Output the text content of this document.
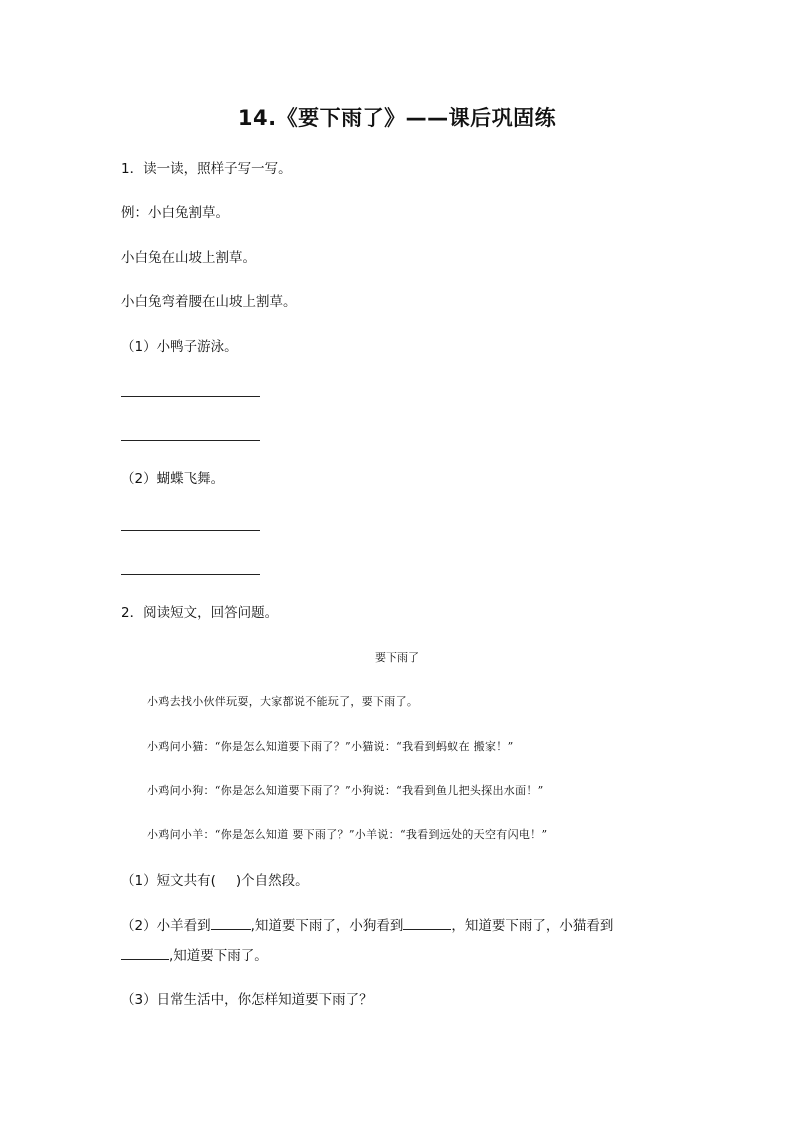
14.《要下雨了》——课后巩固练
1．读一读，照样子写一写。
例：小白兔割草。
小白兔在山坡上割草。
小白兔弯着腰在山坡上割草。
（1）小鸭子游泳。
（2）蝴蝶飞舞。
2．阅读短文，回答问题。
要下雨了
小鸡去找小伙伴玩耍，大家都说不能玩了，要下雨了。
小鸡问小猫：“你是怎么知道要下雨了？”小猫说：“我看到蚂蚁在 搬家！”
小鸡问小狗：“你是怎么知道要下雨了？”小狗说：“我看到鱼儿把头探出水面！”
小鸡问小羊：“你是怎么知道 要下雨了？”小羊说：“我看到远处的天空有闪电！”
（1）短文共有( )个自然段。
（2）小羊看到	,知道要下雨了，小狗看到	，知道要下雨了，小猫看到
,知道要下雨了。
（3）日常生活中，你怎样知道要下雨了？
